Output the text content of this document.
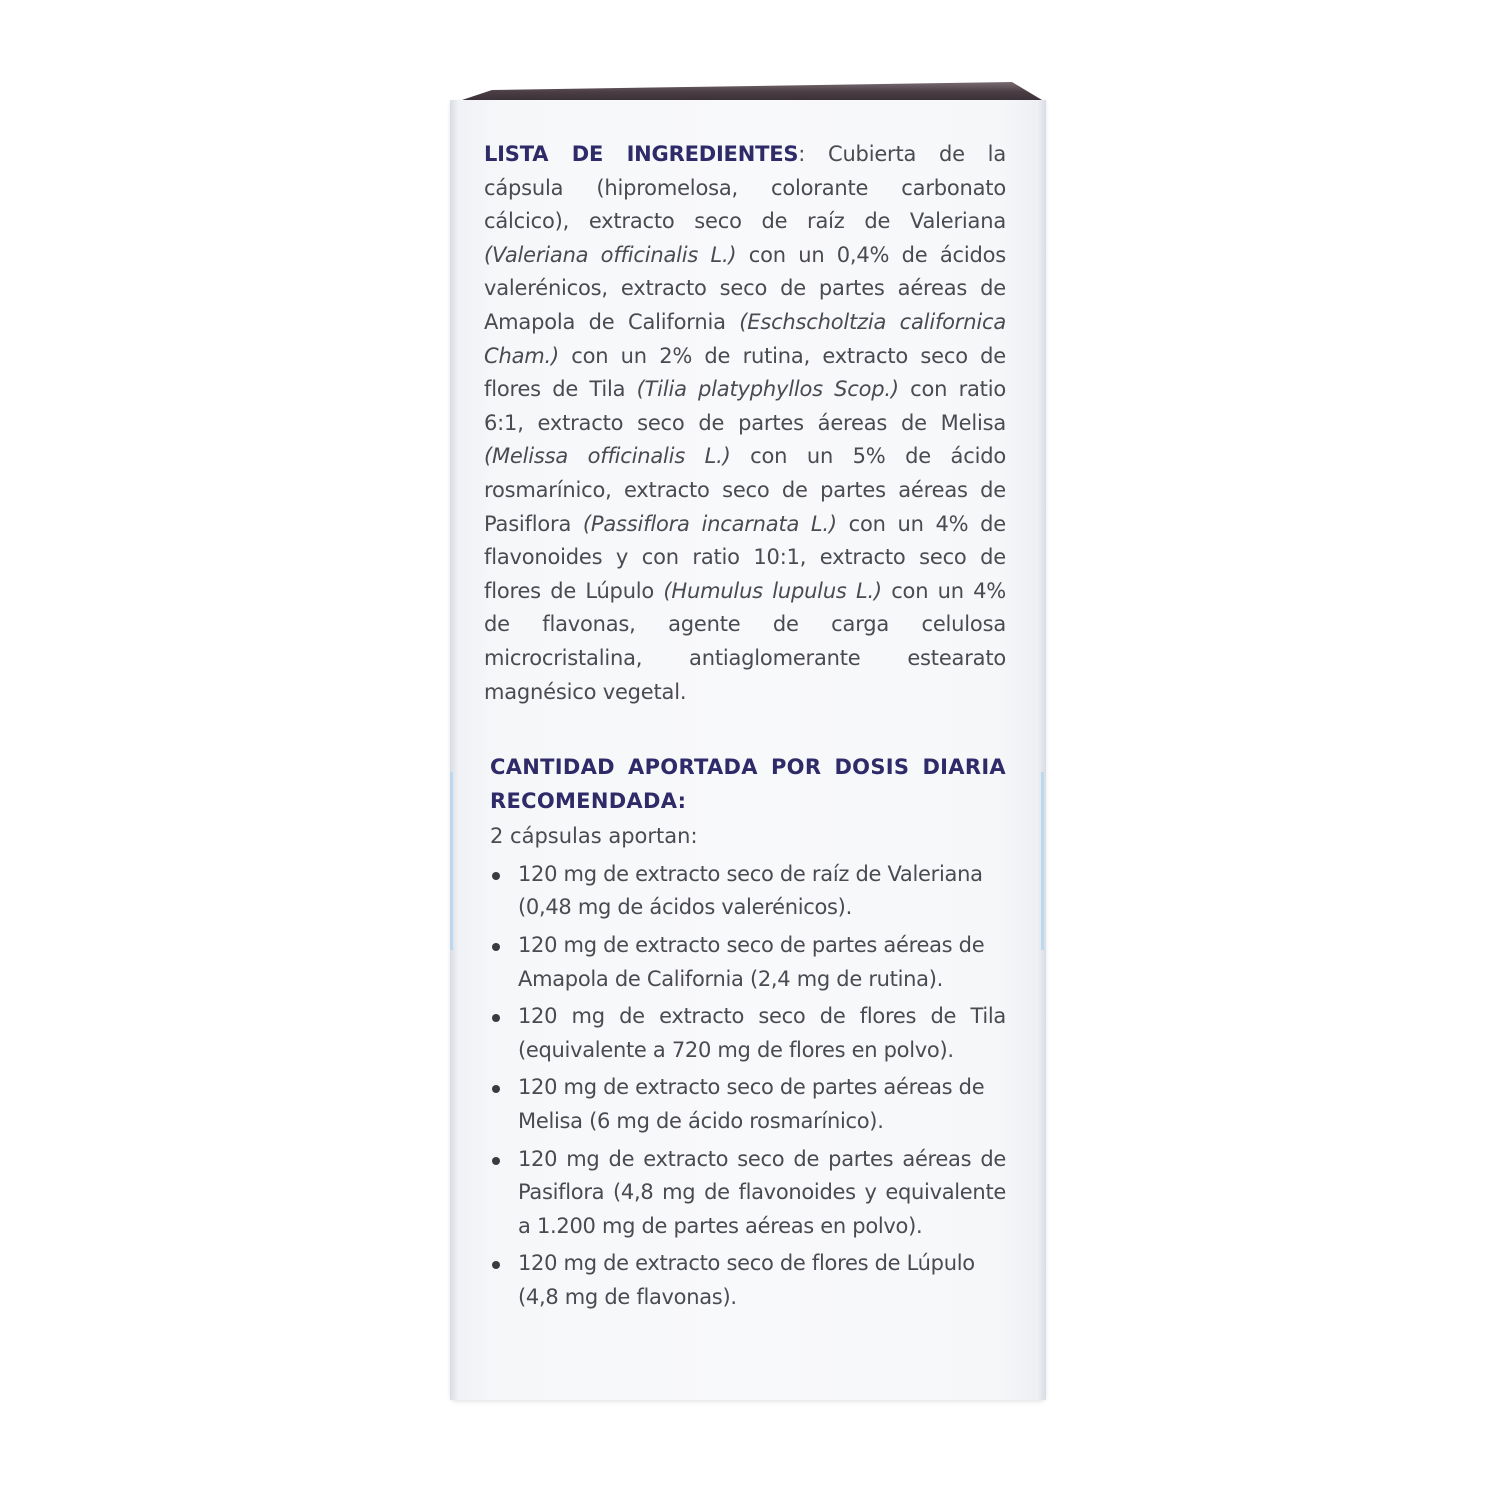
LISTA DE INGREDIENTES: Cubierta de la cápsula (hipromelosa, colorante carbonato cálcico), extracto seco de raíz de Valeriana (Valeriana officinalis L.) con un 0,4% de ácidos valerénicos, extracto seco de partes aéreas de Amapola de California (Eschscholtzia californica Cham.) con un 2% de rutina, extracto seco de flores de Tila (Tilia platyphyllos Scop.) con ratio 6:1, extracto seco de partes áereas de Melisa (Melissa officinalis L.) con un 5% de ácido rosmarínico, extracto seco de partes aéreas de Pasiflora (Passiflora incarnata L.) con un 4% de flavonoides y con ratio 10:1, extracto seco de flores de Lúpulo (Humulus lupulus L.) con un 4% de flavonas, agente de carga celulosa microcristalina, antiaglomerante estearato magnésico vegetal.

CANTIDAD APORTADA POR DOSIS DIARIA RECOMENDADA:
2 cápsulas aportan:
120 mg de extracto seco de raíz de Valeriana (0,48 mg de ácidos valerénicos).
120 mg de extracto seco de partes aéreas de Amapola de California (2,4 mg de rutina).
120 mg de extracto seco de flores de Tila (equivalente a 720 mg de flores en polvo).
120 mg de extracto seco de partes aéreas de Melisa (6 mg de ácido rosmarínico).
120 mg de extracto seco de partes aéreas de Pasiflora (4,8 mg de flavonoides y equivalente a 1.200 mg de partes aéreas en polvo).
120 mg de extracto seco de flores de Lúpulo (4,8 mg de flavonas).
